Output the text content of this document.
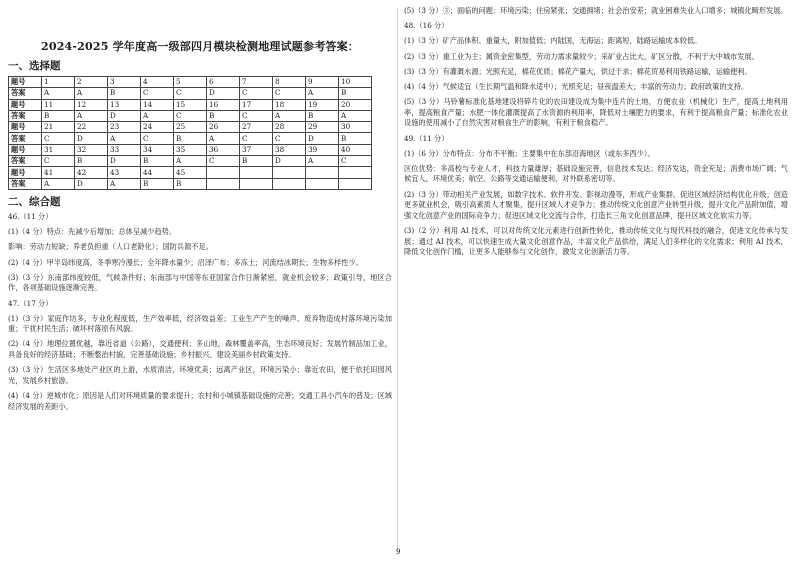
2024-2025 学年度高一级部四月模块检测地理试题参考答案：
一、选择题
题号	1	2	3	4	5	6	7	8	9	10
答案	A	A	B	C	C	D	C	C	A	B
题号	11	12	13	14	15	16	17	18	19	20
答案	B	A	D	A	C	B	C	A	B	A
题号	21	22	23	24	25	26	27	28	29	30
答案	C	D	A	C	B	A	C	C	D	B
题号	31	32	33	34	35	36	37	38	39	40
答案	C	B	D	B	A	C	B	D	A	C
题号	41	42	43	44	45					
答案	A	D	A	B	B					
二、综合题
46.（11 分）
(1)（4 分）特点：先减少后增加；总体呈减少趋势。
影响：劳动力短缺；养老负担重（人口老龄化）；国防兵源不足。
(2)（4 分）甲半岛纬度高，冬季寒冷漫长；全年降水量少；沼泽广布；多冻土；河流结冰期长；生物多样性少。
(3)（3 分）东南部纬度较低，气候条件好；东南部与中国等东亚国家合作日渐紧密，就业机会较多；政策引导，地区合作，各项基础设施逐渐完善。
47.（17 分）
(1)（3 分）家庭作坊多，专业化程度低，生产效率低，经济效益差；工业生产产生的噪声、废弃物造成村落环境污染加重；干扰村民生活；破坏村落原有风貌。
(2)（4 分）地理位置优越，靠近省道（公路），交通便利；多山地，森林覆盖率高，生态环境良好；发展竹制品加工业，具备良好的经济基础；不断整治村貌，完善基础设施；乡村振兴、建设美丽乡村政策支持。
(3)（3 分）生活区多地处产业区的上游，水质清洁，环境优美；远离产业区，环境污染小；靠近农田，便于依托田园风光，发展乡村旅游。
(4)（4 分）逆城市化；原因是人们对环境质量的要求提升；农村和小城镇基础设施的完善；交通工具小汽车的普及；区域经济发展的差距小。
(5)（3 分）③；面临的问题：环境污染；住房紧张；交通拥堵；社会治安差；就业困难失业人口增多；城镇化畸形发展。
48.（16 分）
(1)（3 分）矿产品体积、重量大，附加值低；内陆国，无海运；距离短，陆路运输成本较低。
(2)（3 分）重工业为主；属资金密集型，劳动力需求量较少；采矿业占比大，矿区分散，不利于大中城市发展。
(3)（3 分）有灌溉水源；光照充足，棉花优质；棉花产量大，供过于求；棉花贸易利用铁路运输，运输便利。
(4)（4 分）气候适宜（生长期气温和降水适中）；光照充足；昼夜温差大；丰富的劳动力；政府政策的支持。
(5)（3 分）马铃薯标准化基地建设将碎片化的农田建设成为集中连片的土地，方便农业（机械化）生产，提高土地利用率，提高粮食产量；水肥一体化灌溉提高了水资源的利用率，降低对土壤肥力的要求，有利于提高粮食产量；标准化农业设施的使用减小了自然灾害对粮食生产的影响，有利于粮食稳产。
49.（11 分）
(1)（6 分）分布特点：分布不平衡；主要集中在东部沿海地区（或东多西少）。
区位优势：多高校与专业人才，科技力量雄厚；基础设施完善，信息技术发达；经济发达，资金充足；消费市场广阔；气候宜人，环境优美；航空、公路等交通运输便利，对外联系密切等。
(2)（3 分）带动相关产业发展，如数字技术、软件开发、影视动漫等，形成产业集群，促进区域经济结构优化升级；创造更多就业机会，吸引高素质人才聚集，提升区域人才竞争力；推动传统文化创意产业转型升级，提升文化产品附加值，增强文化创意产业的国际竞争力；促进区域文化交流与合作，打造长三角文化创意品牌，提升区域文化软实力等。
(3)（2 分）利用 AI 技术，可以对传统文化元素进行创新性转化，推动传统文化与现代科技的融合，促进文化传承与发展；通过 AI 技术，可以快速生成大量文化创意作品，丰富文化产品供给，满足人们多样化的文化需求；利用 AI 技术，降低文化创作门槛，让更多人能够参与文化创作，激发文化创新活力等。
9
